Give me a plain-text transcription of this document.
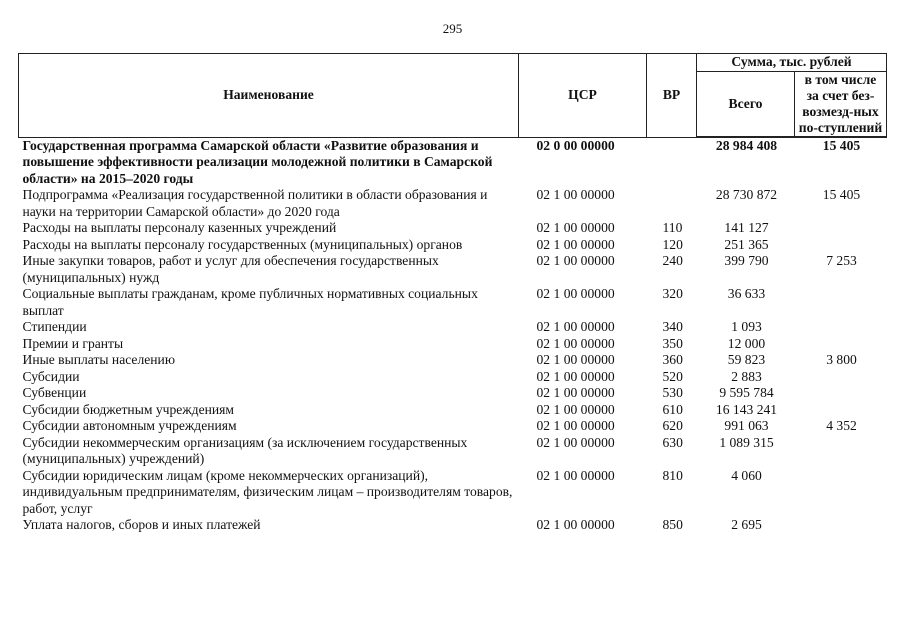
295
Наименование	ЦСР	ВР	Сумма, тыс. рублей	
			Всего	в том числе за счет без-возмезд-ных по-ступлений
Государственная программа Самарской области «Развитие образования и повышение эффективности реализации молодежной политики в Самарской области» на 2015–2020 годы	02 0 00 00000		28 984 408	15 405
Подпрограмма «Реализация государственной политики в области образования и науки на территории Самарской области» до 2020 года	02 1 00 00000		28 730 872	15 405
Расходы на выплаты персоналу казенных учреждений	02 1 00 00000	110	141 127	
Расходы на выплаты персоналу государственных (муниципальных) органов	02 1 00 00000	120	251 365	
Иные закупки товаров, работ и услуг для обеспечения государственных (муниципальных) нужд	02 1 00 00000	240	399 790	7 253
Социальные выплаты гражданам, кроме публичных нормативных социальных выплат	02 1 00 00000	320	36 633	
Стипендии	02 1 00 00000	340	1 093	
Премии и гранты	02 1 00 00000	350	12 000	
Иные выплаты населению	02 1 00 00000	360	59 823	3 800
Субсидии	02 1 00 00000	520	2 883	
Субвенции	02 1 00 00000	530	9 595 784	
Субсидии бюджетным учреждениям	02 1 00 00000	610	16 143 241	
Субсидии автономным учреждениям	02 1 00 00000	620	991 063	4 352
Субсидии некоммерческим организациям (за исключением государственных (муниципальных) учреждений)	02 1 00 00000	630	1 089 315	
Субсидии юридическим лицам (кроме некоммерческих организаций), индивидуальным предпринимателям, физическим лицам – производителям товаров, работ, услуг	02 1 00 00000	810	4 060	
Уплата налогов, сборов и иных платежей	02 1 00 00000	850	2 695	
